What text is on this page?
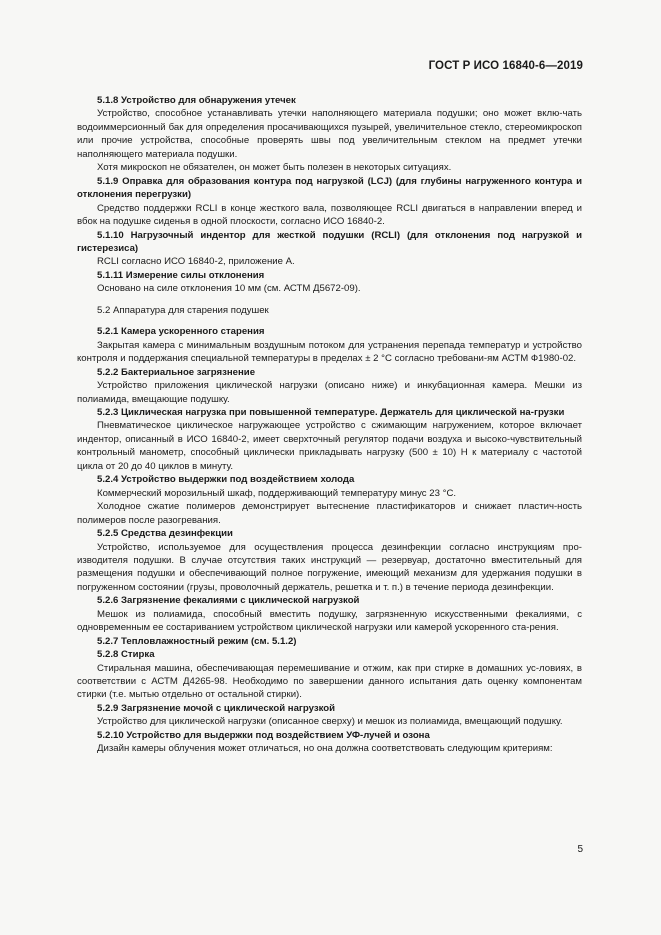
ГОСТ Р ИСО 16840-6—2019

5.1.8 Устройство для обнаружения утечек

Устройство, способное устанавливать утечки наполняющего материала подушки; оно может вклю-чать водоиммерсионный бак для определения просачивающихся пузырей, увеличительное стекло, стереомикроскоп или прочие устройства, способные проверять швы под увеличительным стеклом на предмет утечки наполняющего материала подушки.

Хотя микроскоп не обязателен, он может быть полезен в некоторых ситуациях.

5.1.9 Оправка для образования контура под нагрузкой (LCJ) (для глубины нагруженного контура и отклонения перегрузки)

Средство поддержки RCLI в конце жесткого вала, позволяющее RCLI двигаться в направлении вперед и вбок на подушке сиденья в одной плоскости, согласно ИСО 16840-2.

5.1.10 Нагрузочный индентор для жесткой подушки (RCLI) (для отклонения под нагрузкой и гистерезиса)

RCLI согласно ИСО 16840-2, приложение А.

5.1.11 Измерение силы отклонения

Основано на силе отклонения 10 мм (см. АСТМ Д5672-09).

5.2 Аппаратура для старения подушек

5.2.1 Камера ускоренного старения

Закрытая камера с минимальным воздушным потоком для устранения перепада температур и устройство контроля и поддержания специальной температуры в пределах ± 2 °С согласно требовани-ям АСТМ Ф1980-02.

5.2.2 Бактериальное загрязнение

Устройство приложения циклической нагрузки (описано ниже) и инкубационная камера. Мешки из полиамида, вмещающие подушку.

5.2.3 Циклическая нагрузка при повышенной температуре. Держатель для циклической на-грузки

Пневматическое циклическое нагружающее устройство с сжимающим нагружением, которое включает индентор, описанный в ИСО 16840-2, имеет сверхточный регулятор подачи воздуха и высоко-чувствительный контрольный манометр, способный циклически прикладывать нагрузку (500 ± 10) Н к материалу с частотой цикла от 20 до 40 циклов в минуту.

5.2.4 Устройство выдержки под воздействием холода

Коммерческий морозильный шкаф, поддерживающий температуру минус 23 °С.

Холодное сжатие полимеров демонстрирует вытеснение пластификаторов и снижает пластич-ность полимеров после разогревания.

5.2.5 Средства дезинфекции

Устройство, используемое для осуществления процесса дезинфекции согласно инструкциям про-изводителя подушки. В случае отсутствия таких инструкций — резервуар, достаточно вместительный для размещения подушки и обеспечивающий полное погружение, имеющий механизм для удержания подушки в погруженном состоянии (грузы, проволочный держатель, решетка и т. п.) в течение периода дезинфекции.

5.2.6 Загрязнение фекалиями с циклической нагрузкой

Мешок из полиамида, способный вместить подушку, загрязненную искусственными фекалиями, с одновременным ее состариванием устройством циклической нагрузки или камерой ускоренного ста-рения.

5.2.7 Тепловлажностный режим (см. 5.1.2)

5.2.8 Стирка

Стиральная машина, обеспечивающая перемешивание и отжим, как при стирке в домашних ус-ловиях, в соответствии с АСТМ Д4265-98. Необходимо по завершении данного испытания дать оценку компонентам стирки (т.е. мытью отдельно от остальной стирки).

5.2.9 Загрязнение мочой с циклической нагрузкой

Устройство для циклической нагрузки (описанное сверху) и мешок из полиамида, вмещающий подушку.

5.2.10 Устройство для выдержки под воздействием УФ-лучей и озона

Дизайн камеры облучения может отличаться, но она должна соответствовать следующим критериям:

5
